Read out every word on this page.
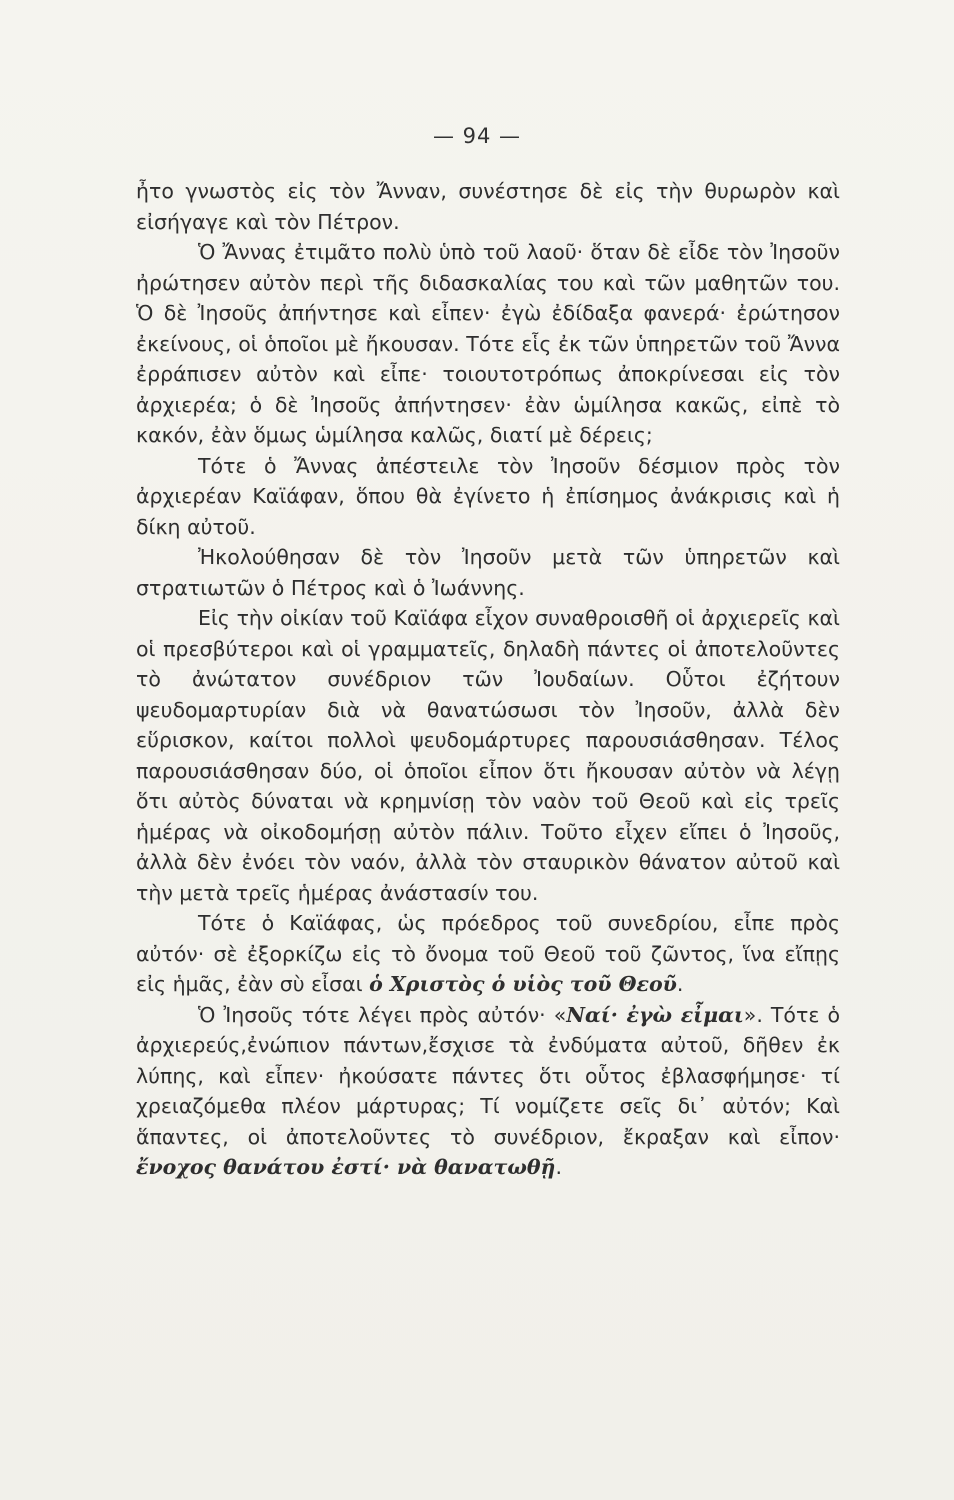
— 94 —

ἦτο γνωστὸς εἰς τὸν Ἄνναν, συνέστησε δὲ εἰς τὴν θυρωρὸν καὶ εἰσήγαγε καὶ τὸν Πέτρον.

Ὁ Ἄννας ἐτιμᾶτο πολὺ ὑπὸ τοῦ λαοῦ· ὅταν δὲ εἶδε τὸν Ἰησοῦν ἠρώτησεν αὐτὸν περὶ τῆς διδασκαλίας του καὶ τῶν μαθητῶν του. Ὁ δὲ Ἰησοῦς ἀπήντησε καὶ εἶπεν· ἐγὼ ἐδίδαξα φανερά· ἐρώτησον ἐκείνους, οἱ ὁποῖοι μὲ ἤκουσαν. Τότε εἷς ἐκ τῶν ὑπηρετῶν τοῦ Ἄννα ἐρράπισεν αὐτὸν καὶ εἶπε· τοιουτοτρόπως ἀποκρίνεσαι εἰς τὸν ἀρχιερέα; ὁ δὲ Ἰησοῦς ἀπήντησεν· ἐὰν ὡμίλησα κακῶς, εἰπὲ τὸ κακόν, ἐὰν ὅμως ὡμίλησα καλῶς, διατί μὲ δέρεις;

Τότε ὁ Ἄννας ἀπέστειλε τὸν Ἰησοῦν δέσμιον πρὸς τὸν ἀρχιερέαν Καϊάφαν, ὅπου θὰ ἐγίνετο ἡ ἐπίσημος ἀνάκρισις καὶ ἡ δίκη αὐτοῦ.

Ἠκολούθησαν δὲ τὸν Ἰησοῦν μετὰ τῶν ὑπηρετῶν καὶ στρατιωτῶν ὁ Πέτρος καὶ ὁ Ἰωάννης.

Εἰς τὴν οἰκίαν τοῦ Καϊάφα εἶχον συναθροισθῆ οἱ ἀρχιερεῖς καὶ οἱ πρεσβύτεροι καὶ οἱ γραμματεῖς, δηλαδὴ πάντες οἱ ἀποτελοῦντες τὸ ἀνώτατον συνέδριον τῶν Ἰουδαίων. Οὗτοι ἐζήτουν ψευδομαρτυρίαν διὰ νὰ θανατώσωσι τὸν Ἰησοῦν, ἀλλὰ δὲν εὕρισκον, καίτοι πολλοὶ ψευδομάρτυρες παρουσιάσθησαν. Τέλος παρουσιάσθησαν δύο, οἱ ὁποῖοι εἶπον ὅτι ἤκουσαν αὐτὸν νὰ λέγῃ ὅτι αὐτὸς δύναται νὰ κρημνίσῃ τὸν ναὸν τοῦ Θεοῦ καὶ εἰς τρεῖς ἡμέρας νὰ οἰκοδομήσῃ αὐτὸν πάλιν. Τοῦτο εἶχεν εἴπει ὁ Ἰησοῦς, ἀλλὰ δὲν ἐνόει τὸν ναόν, ἀλλὰ τὸν σταυρικὸν θάνατον αὐτοῦ καὶ τὴν μετὰ τρεῖς ἡμέρας ἀνάστασίν του.

Τότε ὁ Καϊάφας, ὡς πρόεδρος τοῦ συνεδρίου, εἶπε πρὸς αὐτόν· σὲ ἐξορκίζω εἰς τὸ ὄνομα τοῦ Θεοῦ τοῦ ζῶντος, ἵνα εἴπῃς εἰς ἡμᾶς, ἐὰν σὺ εἶσαι ὁ Χριστὸς ὁ υἱὸς τοῦ Θεοῦ.

Ὁ Ἰησοῦς τότε λέγει πρὸς αὐτόν· «Ναί· ἐγὼ εἶμαι». Τότε ὁ ἀρχιερεύς,ἐνώπιον πάντων,ἔσχισε τὰ ἐνδύματα αὐτοῦ, δῆθεν ἐκ λύπης, καὶ εἶπεν· ἠκούσατε πάντες ὅτι οὗτος ἐβλασφήμησε· τί χρειαζόμεθα πλέον μάρτυρας; Τί νομίζετε σεῖς δι᾽ αὐτόν; Καὶ ἅπαντες, οἱ ἀποτελοῦντες τὸ συνέδριον, ἔκραξαν καὶ εἶπον· ἔνοχος θανάτου ἐστί· νὰ θανατωθῇ.
